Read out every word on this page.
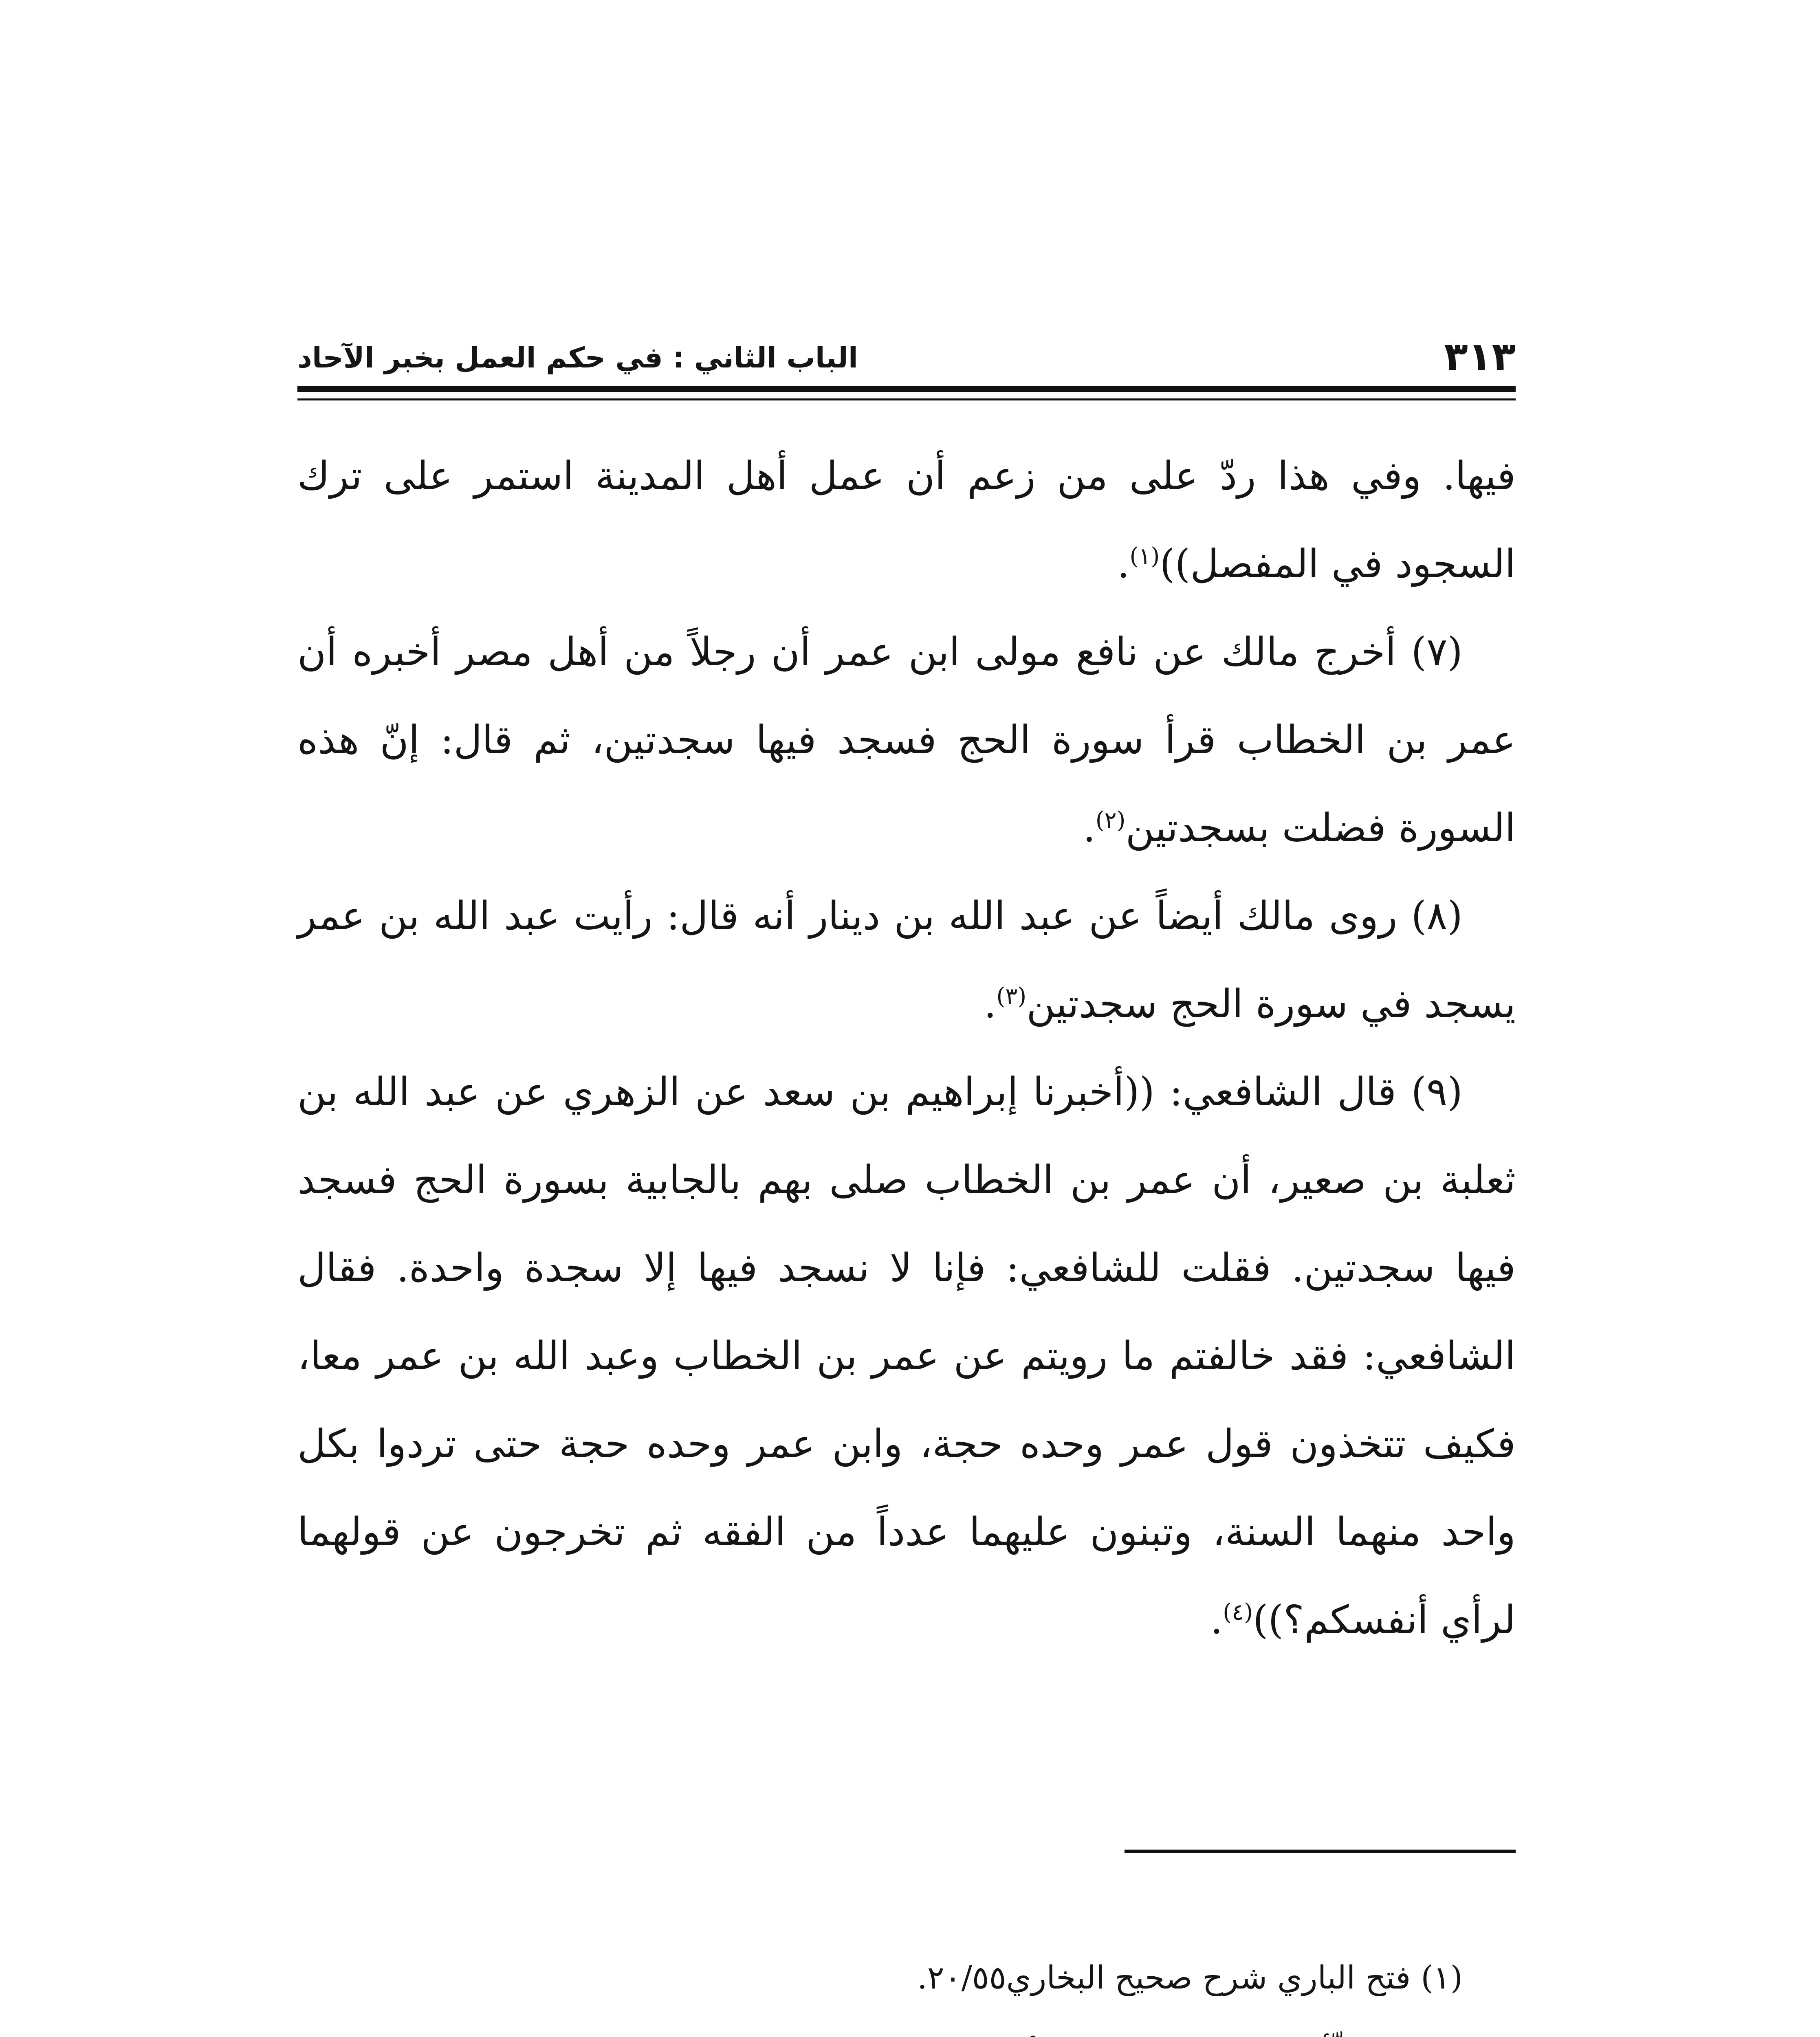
٣١٣
الباب الثاني : في حكم العمل بخبر الآحاد

فيها. وفي هذا ردّ على من زعم أن عمل أهل المدينة استمر على ترك السجود في المفصل))$^{(١)}$.

(٧) أخرج مالك عن نافع مولى ابن عمر أن رجلاً من أهل مصر أخبره أن عمر بن الخطاب قرأ سورة الحج فسجد فيها سجدتين، ثم قال: إنّ هذه السورة فضلت بسجدتين$^{(٢)}$.

(٨) روى مالك أيضاً عن عبد الله بن دينار أنه قال: رأيت عبد الله بن عمر يسجد في سورة الحج سجدتين$^{(٣)}$.

(٩) قال الشافعي: ((أخبرنا إبراهيم بن سعد عن الزهري عن عبد الله بن ثعلبة بن صعير، أن عمر بن الخطاب صلى بهم بالجابية بسورة الحج فسجد فيها سجدتين. فقلت للشافعي: فإنا لا نسجد فيها إلا سجدة واحدة. فقال الشافعي: فقد خالفتم ما رويتم عن عمر بن الخطاب وعبد الله بن عمر معا، فكيف تتخذون قول عمر وحده حجة، وابن عمر وحده حجة حتى تردوا بكل واحد منهما السنة، وتبنون عليهما عدداً من الفقه ثم تخرجون عن قولهما لرأي أنفسكم؟))$^{(٤)}$.

(١) فتح الباري شرح صحيح البخاري٢٠/٥٥.
